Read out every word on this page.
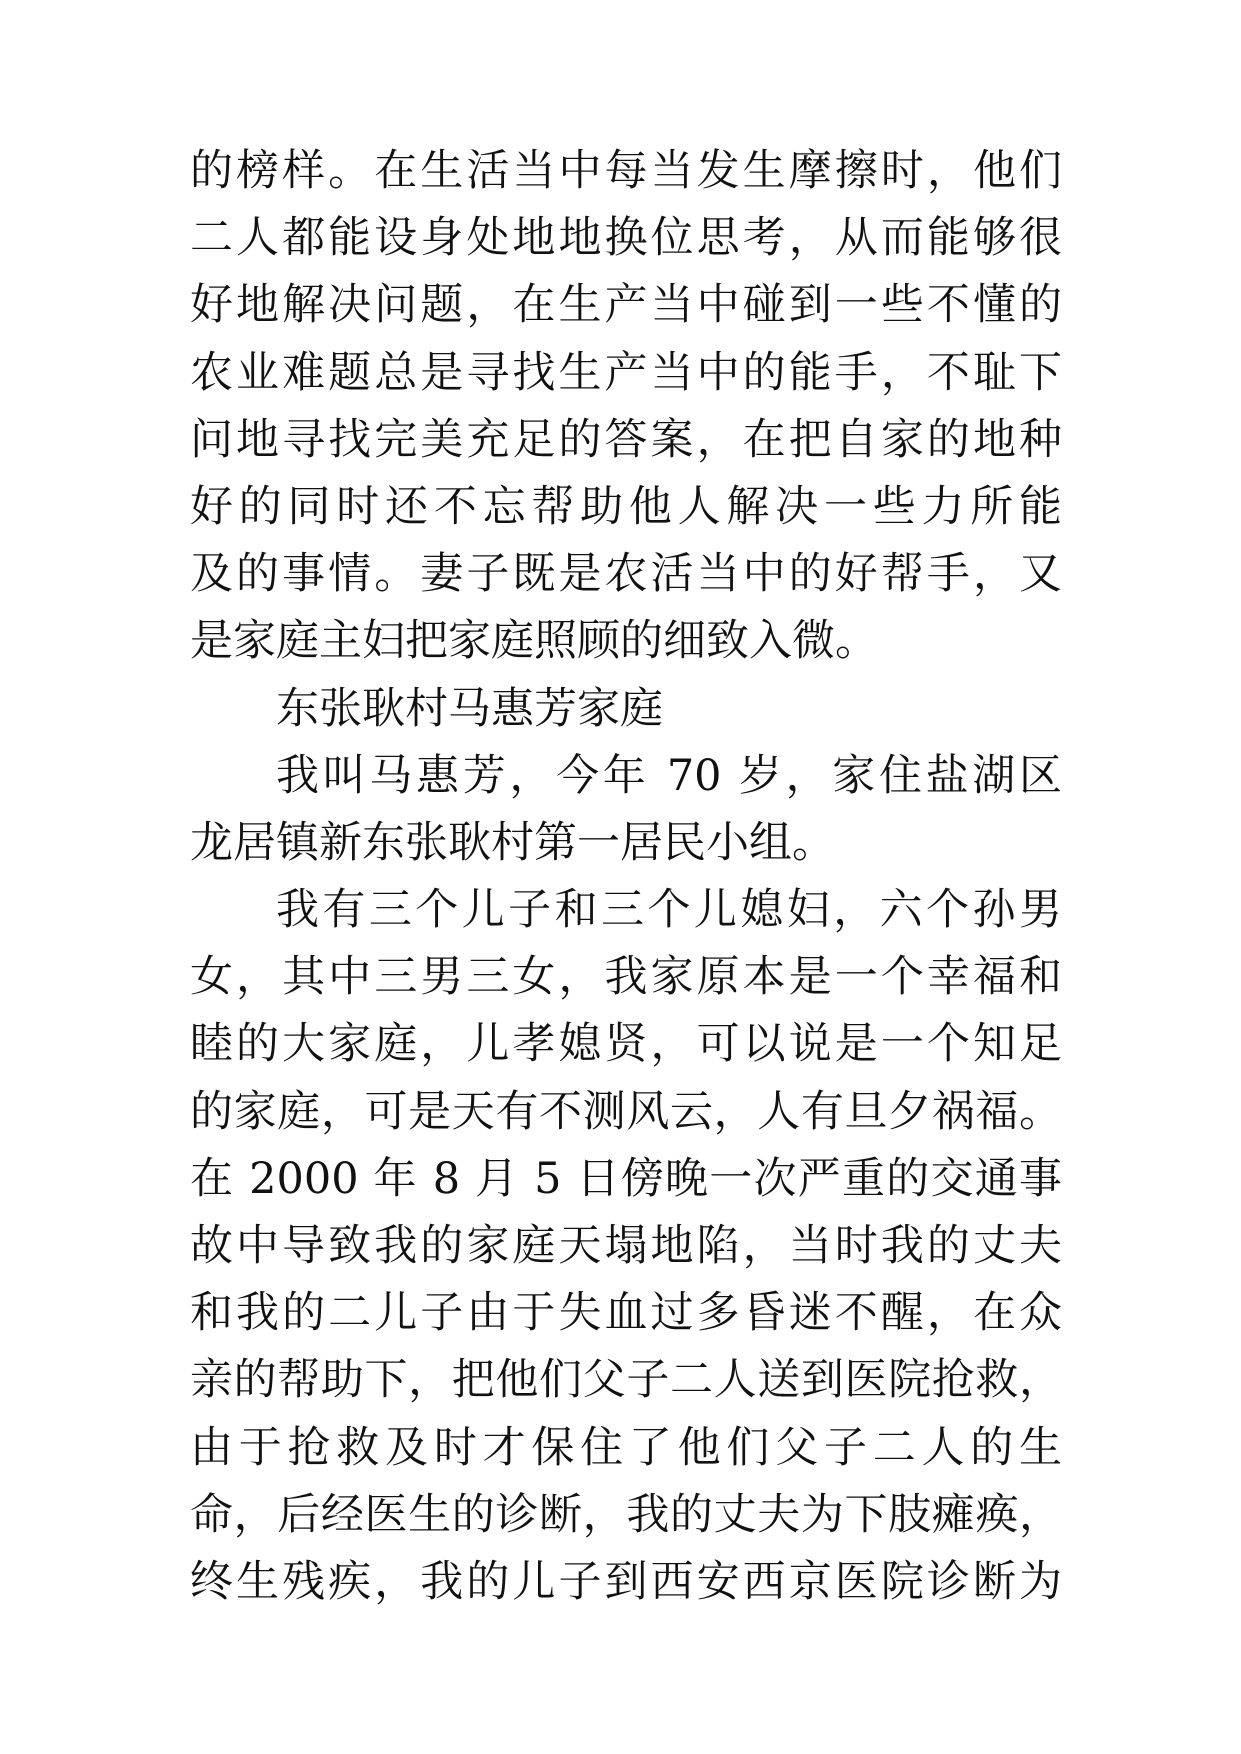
的榜样。在生活当中每当发生摩擦时，他们
二人都能设身处地地换位思考，从而能够很
好地解决问题，在生产当中碰到一些不懂的
农业难题总是寻找生产当中的能手，不耻下
问地寻找完美充足的答案，在把自家的地种
好的同时还不忘帮助他人解决一些力所能
及的事情。妻子既是农活当中的好帮手，又
是家庭主妇把家庭照顾的细致入微。
东张耿村马惠芳家庭
我叫马惠芳，今年 70 岁，家住盐湖区
龙居镇新东张耿村第一居民小组。
我有三个儿子和三个儿媳妇，六个孙男
女，其中三男三女，我家原本是一个幸福和
睦的大家庭，儿孝媳贤，可以说是一个知足
的家庭，可是天有不测风云，人有旦夕祸福。
在 2000 年 8 月 5 日傍晚一次严重的交通事
故中导致我的家庭天塌地陷，当时我的丈夫
和我的二儿子由于失血过多昏迷不醒，在众
亲的帮助下，把他们父子二人送到医院抢救，
由于抢救及时才保住了他们父子二人的生
命，后经医生的诊断，我的丈夫为下肢瘫痪，
终生残疾，我的儿子到西安西京医院诊断为
